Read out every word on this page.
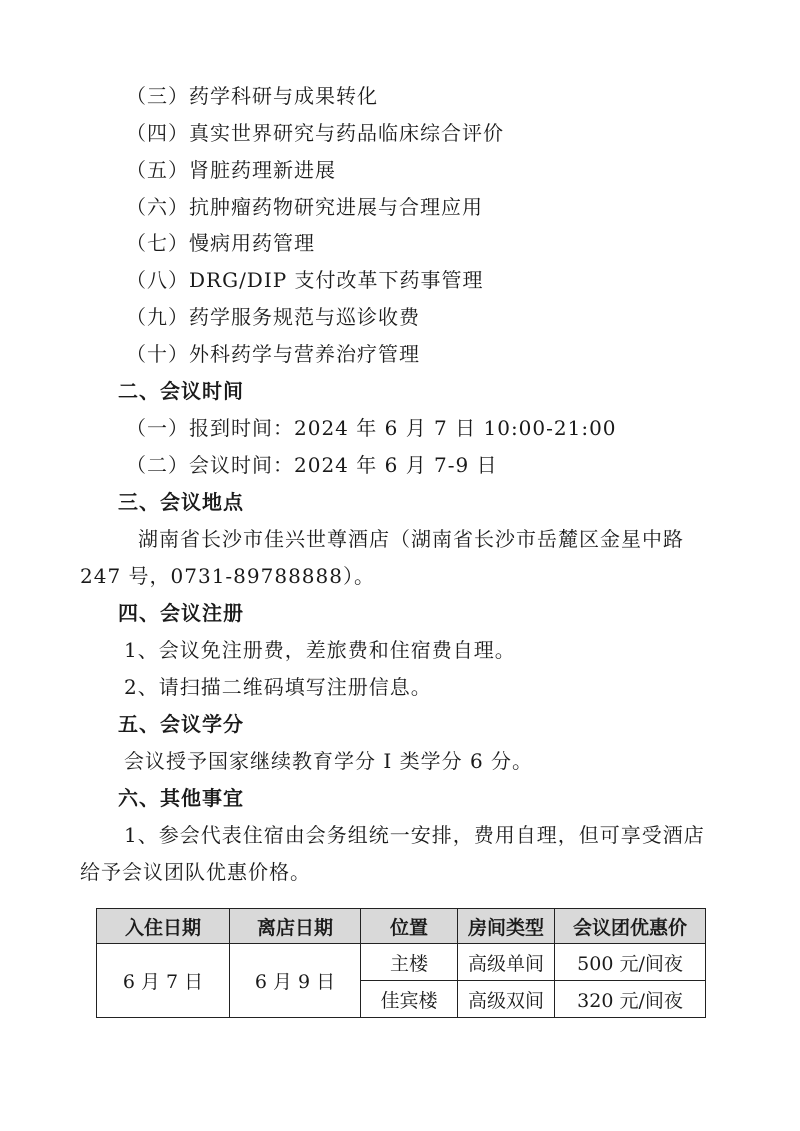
（三）药学科研与成果转化
（四）真实世界研究与药品临床综合评价
（五）肾脏药理新进展
（六）抗肿瘤药物研究进展与合理应用
（七）慢病用药管理
（八）DRG/DIP 支付改革下药事管理
（九）药学服务规范与巡诊收费
（十）外科药学与营养治疗管理
二、会议时间
（一）报到时间：2024 年 6 月 7 日 10:00-21:00
（二）会议时间：2024 年 6 月 7-9 日
三、会议地点
湖南省长沙市佳兴世尊酒店（湖南省长沙市岳麓区金星中路
247 号，0731-89788888）。
四、会议注册
1、会议免注册费，差旅费和住宿费自理。
2、请扫描二维码填写注册信息。
五、会议学分
会议授予国家继续教育学分 I 类学分 6 分。
六、其他事宜
1、参会代表住宿由会务组统一安排，费用自理，但可享受酒店
给予会议团队优惠价格。
入住日期	离店日期	位置	房间类型	会议团优惠价
6 月 7 日	6 月 9 日	主楼	高级单间	500 元/间夜
		佳宾楼	高级双间	320 元/间夜
